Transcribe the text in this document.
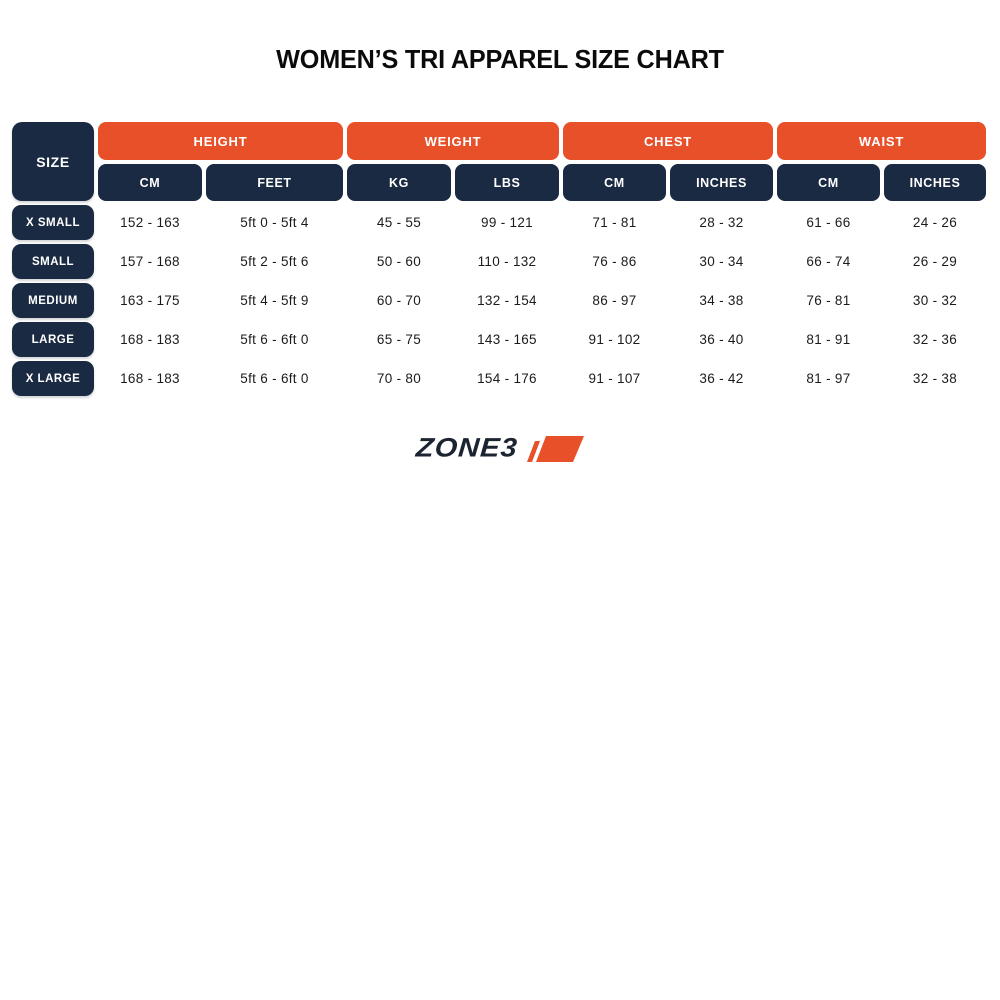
WOMEN’S TRI APPAREL SIZE CHART
SIZE
HEIGHT	WEIGHT	CHEST	WAIST
CM	FEET	KG	LBS	CM	INCHES	CM	INCHES
X SMALL	152 - 163	5ft 0 - 5ft 4	45 - 55	99 - 121	71 - 81	28 - 32	61 - 66	24 - 26
SMALL	157 - 168	5ft 2 - 5ft 6	50 - 60	110 - 132	76 - 86	30 - 34	66 - 74	26 - 29
MEDIUM	163 - 175	5ft 4 - 5ft 9	60 - 70	132 - 154	86 - 97	34 - 38	76 - 81	30 - 32
LARGE	168 - 183	5ft 6 - 6ft 0	65 - 75	143 - 165	91 - 102	36 - 40	81 - 91	32 - 36
X LARGE	168 - 183	5ft 6 - 6ft 0	70 - 80	154 - 176	91 - 107	36 - 42	81 - 97	32 - 38
ZONE3
